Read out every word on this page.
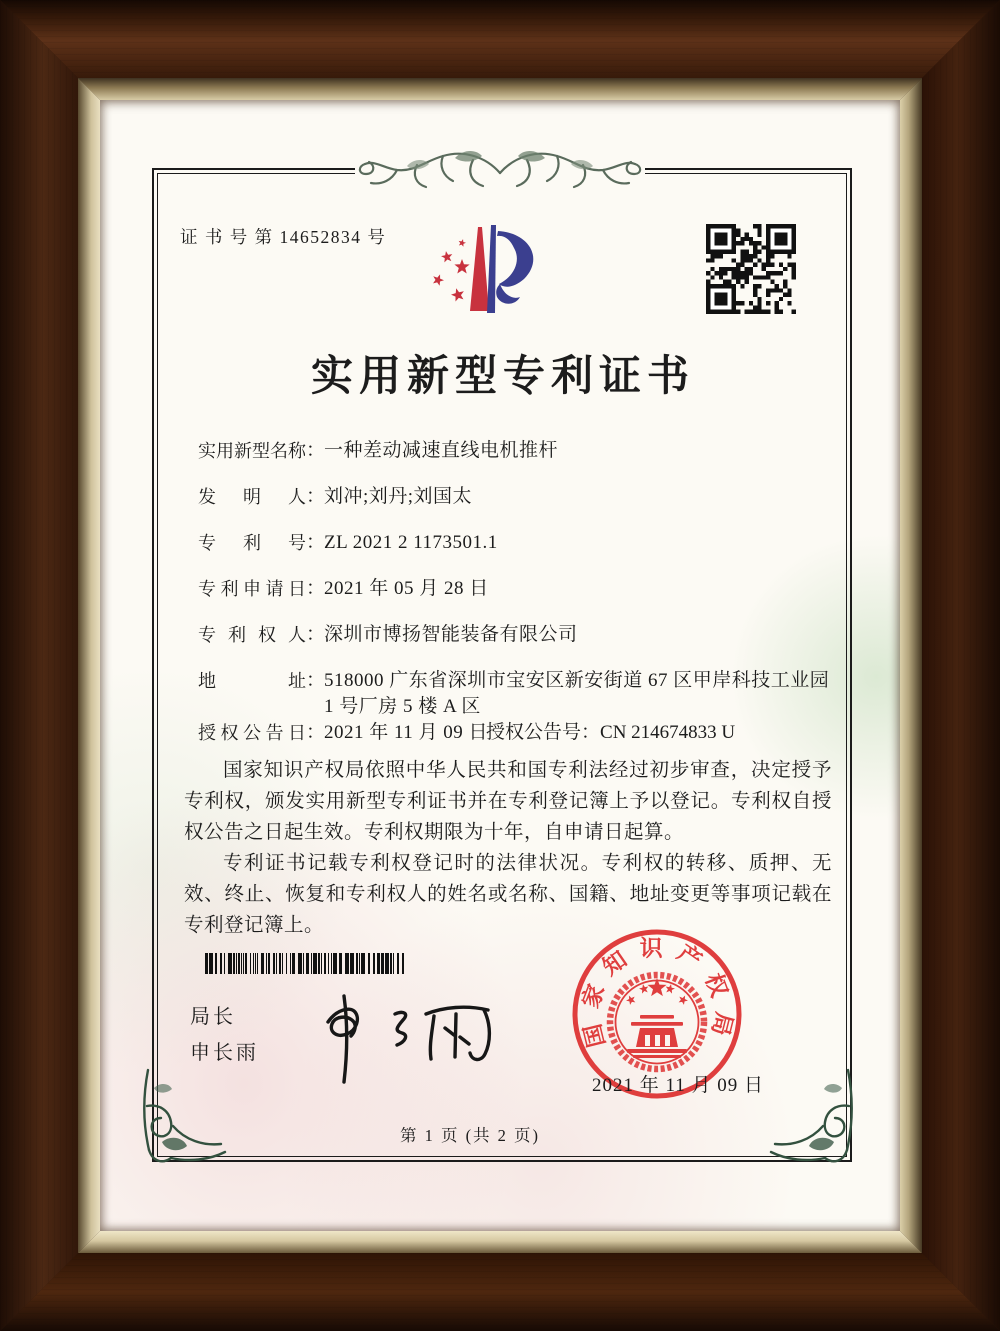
证 书 号 第 14652834 号
实用新型专利证书
实用新型名称 ：
一种差动减速直线电机推杆
发明人 ：
刘冲;刘丹;刘国太
专利号 ：
ZL 2021 2 1173501.1
专利申请日 ：
2021 年 05 月 28 日
专利权人 ：
深圳市博扬智能装备有限公司
地址 ：
518000 广东省深圳市宝安区新安街道 67 区甲岸科技工业园 1 号厂房 5 楼 A 区
授权公告日 ：
2021 年 11 月 09 日
授权公告号：CN 214674833 U

国家知识产权局依照中华人民共和国专利法经过初步审查，决定授予专利权，颁发实用新型专利证书并在专利登记簿上予以登记。专利权自授权公告之日起生效。专利权期限为十年，自申请日起算。

专利证书记载专利权登记时的法律状况。专利权的转移、质押、无效、终止、恢复和专利权人的姓名或名称、国籍、地址变更等事项记载在专利登记簿上。

局长
申长雨
国家知识产权局
2021 年 11 月 09 日
第 1 页 (共 2 页)
